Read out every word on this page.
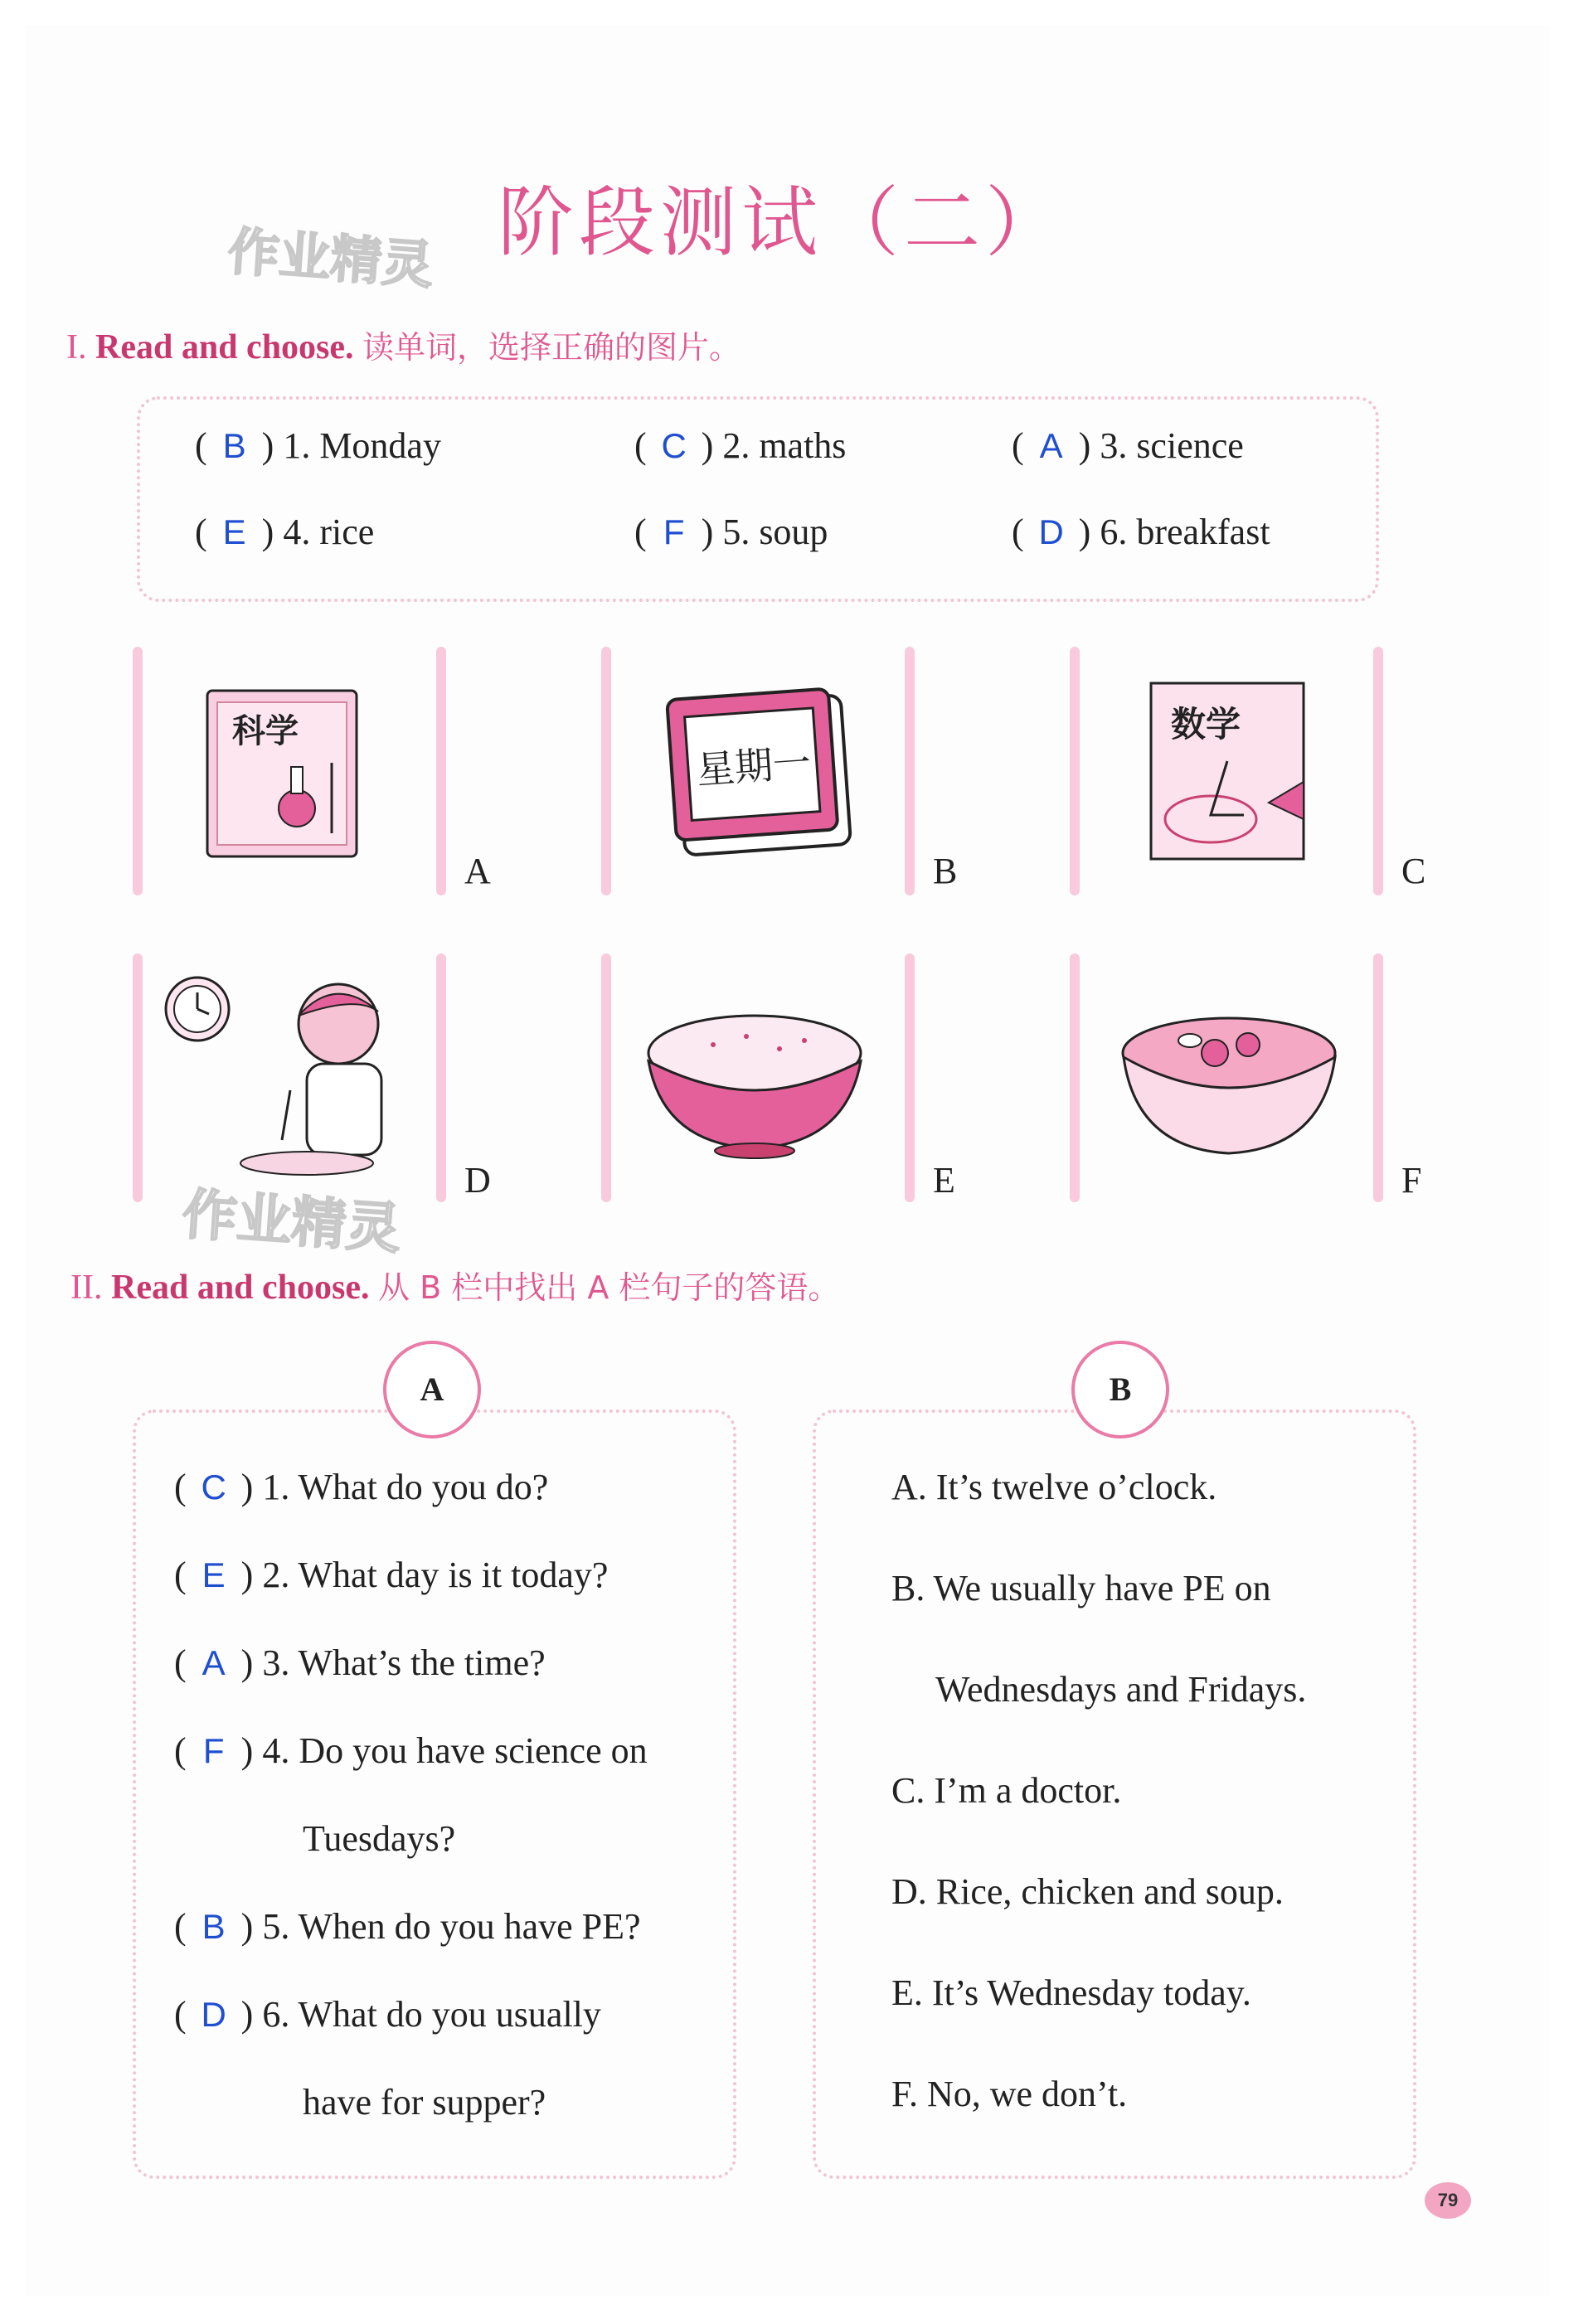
阶段测试（二）
作业精灵
I. Read and choose. 读单词，选择正确的图片。
( B ) 1. Monday	( C ) 2. maths	( A ) 3. science
( E ) 4. rice	( F ) 5. soup	( D ) 6. breakfast
科学
A
星期一
B
数学
C
D	E	F
作业精灵
II. Read and choose. 从 B 栏中找出 A 栏句子的答语。
A	B
( C ) 1. What do you do?
( E ) 2. What day is it today?
( A ) 3. What’s the time?
( F ) 4. Do you have science on
Tuesdays?
( B ) 5. When do you have PE?
( D ) 6. What do you usually
have for supper?
A. It’s twelve o’clock.
B. We usually have PE on
Wednesdays and Fridays.
C. I’m a doctor.
D. Rice, chicken and soup.
E. It’s Wednesday today.
F. No, we don’t.
79
